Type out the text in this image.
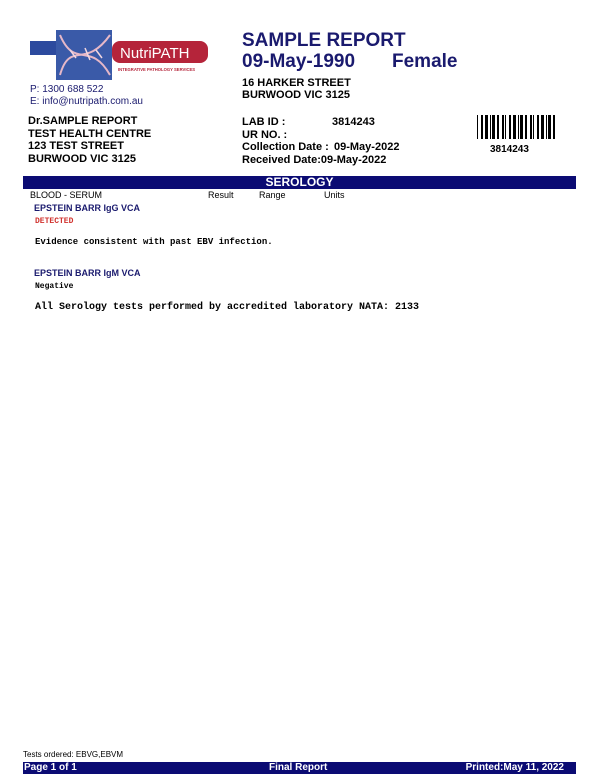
NutriPATH
INTEGRATIVE PATHOLOGY SERVICES
P: 1300 688 522
E: info@nutripath.com.au
SAMPLE REPORT
09-May-1990 Female
16 HARKER STREET
BURWOOD VIC 3125
Dr.SAMPLE REPORT
TEST HEALTH CENTRE
123 TEST STREET
BURWOOD VIC 3125
LAB ID :	3814243
UR NO. :
Collection Date : 09-May-2022
Received Date: 09-May-2022
3814243
SEROLOGY
BLOOD - SERUM	Result	Range	Units
EPSTEIN BARR IgG VCA
DETECTED
Evidence consistent with past EBV infection.
EPSTEIN BARR IgM VCA
Negative
All Serology tests performed by accredited laboratory NATA: 2133
Tests ordered: EBVG,EBVM
Page 1 of 1	Final Report	Printed:May 11, 2022
